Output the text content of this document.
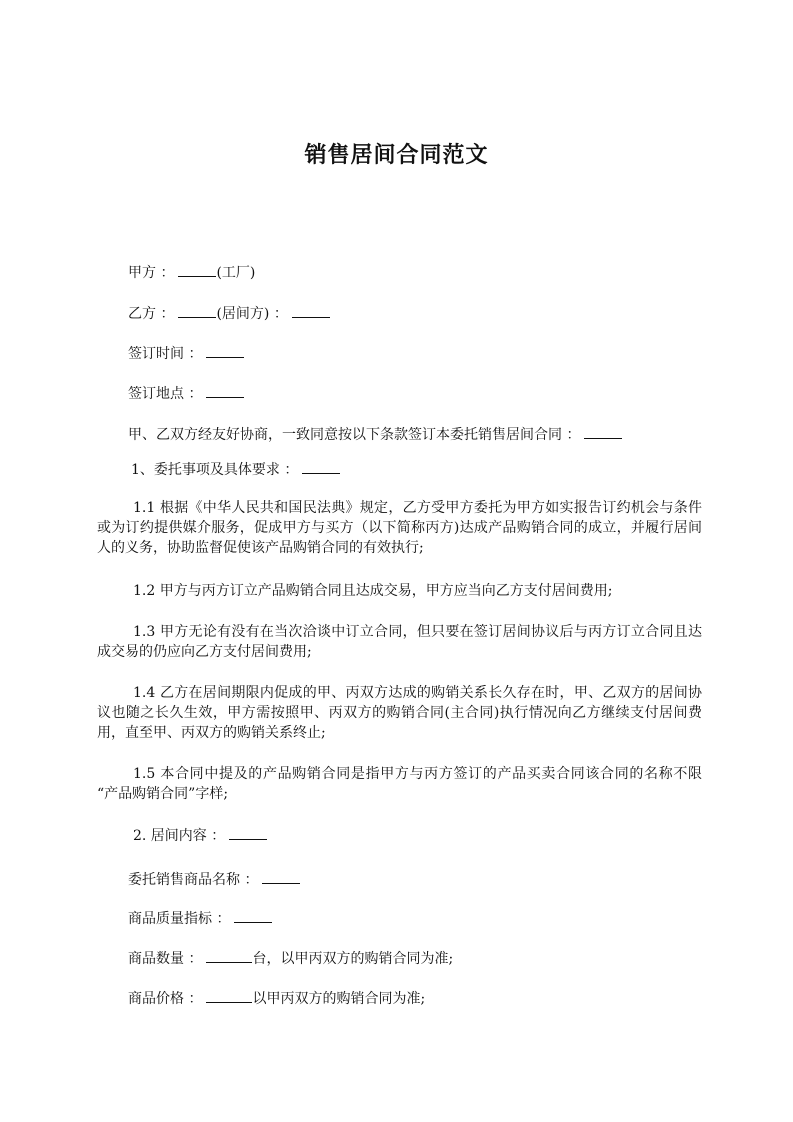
销售居间合同范文
甲方 ：	(工厂)
乙方 ：	(居间方) ：
签订时间 ：
签订地点 ：
甲、乙双方经友好协商，一致同意按以下条款签订本委托销售居间合同 ：
1、委托事项及具体要求 ：
1.1 根据《中华人民共和国民法典》规定，乙方受甲方委托为甲方如实报告订约机会与条件或为订约提供媒介服务，促成甲方与买方（以下简称丙方)达成产品购销合同的成立，并履行居间人的义务，协助监督促使该产品购销合同的有效执行;
1.2 甲方与丙方订立产品购销合同且达成交易，甲方应当向乙方支付居间费用;
1.3 甲方无论有没有在当次洽谈中订立合同，但只要在签订居间协议后与丙方订立合同且达成交易的仍应向乙方支付居间费用;
1.4 乙方在居间期限内促成的甲、丙双方达成的购销关系长久存在时，甲、乙双方的居间协议也随之长久生效，甲方需按照甲、丙双方的购销合同(主合同)执行情况向乙方继续支付居间费用，直至甲、丙双方的购销关系终止;
1.5 本合同中提及的产品购销合同是指甲方与丙方签订的产品买卖合同该合同的名称不限 “产品购销合同”字样;
2. 居间内容 ：
委托销售商品名称 ：
商品质量指标 ：
商品数量 ：	台，以甲丙双方的购销合同为准;
商品价格 ：	以甲丙双方的购销合同为准;
